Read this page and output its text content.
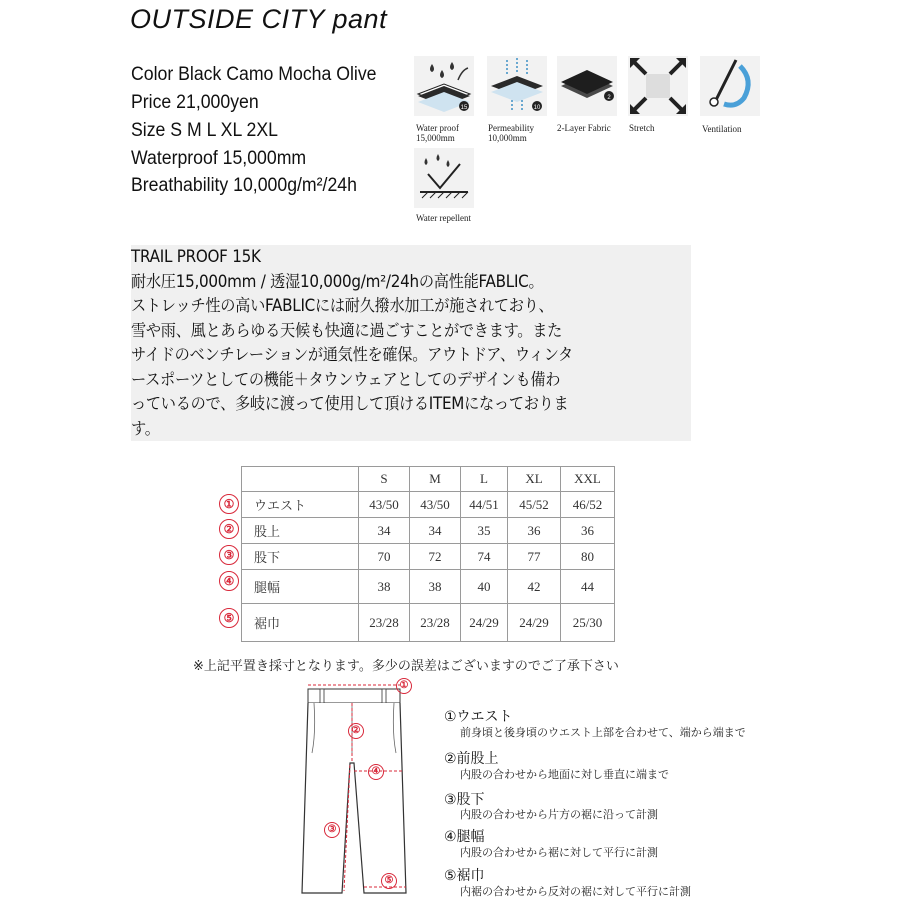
OUTSIDE CITY pant
Color Black Camo Mocha Olive
Price 21,000yen
Size S M L XL 2XL
Waterproof 15,000mm
Breathability 10,000g/m²/24h
15
Water proof
15,000mm
10
Permeability
10,000mm
2
2-Layer Fabric Stretch	Ventilation
Water repellent
TRAIL PROOF 15K
耐水圧15,000mm / 透湿10,000g/m²/24hの高性能FABLIC。
ストレッチ性の高いFABLICには耐久撥水加工が施されており、
雪や雨、風とあらゆる天候も快適に過ごすことができます。また
サイドのベンチレーションが通気性を確保。アウトドア、ウィンタ
ースポーツとしての機能＋タウンウェアとしてのデザインも備わ
っているので、多岐に渡って使用して頂けるITEMになっておりま
す。
①
②
③
④
⑤
	S	M	L	XL	XXL
ウエスト	43/50	43/50	44/51	45/52	46/52
股上	34	34	35	36	36
股下	70	72	74	77	80
腿幅	38	38	40	42	44
裾巾	23/28	23/28	24/29	24/29	25/30
※上記平置き採寸となります。多少の誤差はございますのでご了承下さい
①
②
④
③
⑤
①ウエスト
前身頃と後身頃のウエスト上部を合わせて、端から端まで
②前股上
内股の合わせから地面に対し垂直に端まで
③股下
内股の合わせから片方の裾に沿って計測
④腿幅
内股の合わせから裾に対して平行に計測
⑤裾巾
内裾の合わせから反対の裾に対して平行に計測
